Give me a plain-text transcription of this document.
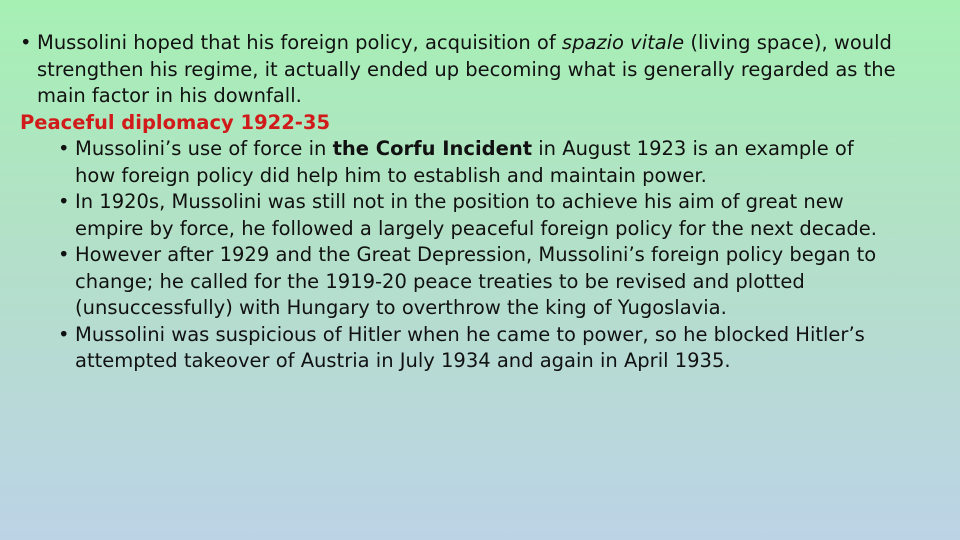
• Mussolini hoped that his foreign policy, acquisition of spazio vitale (living space), would strengthen his regime, it actually ended up becoming what is generally regarded as the main factor in his downfall.

Peaceful diplomacy 1922-35

• Mussolini’s use of force in the Corfu Incident in August 1923 is an example of how foreign policy did help him to establish and maintain power.

• In 1920s, Mussolini was still not in the position to achieve his aim of great new empire by force, he followed a largely peaceful foreign policy for the next decade.

• However after 1929 and the Great Depression, Mussolini’s foreign policy began to change; he called for the 1919-20 peace treaties to be revised and plotted (unsuccessfully) with Hungary to overthrow the king of Yugoslavia.

• Mussolini was suspicious of Hitler when he came to power, so he blocked Hitler’s attempted takeover of Austria in July 1934 and again in April 1935.
